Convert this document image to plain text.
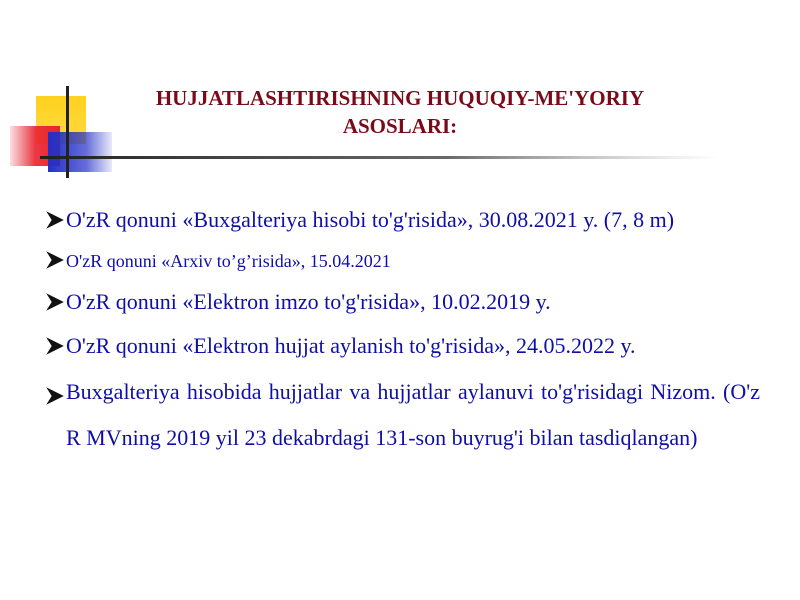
HUJJATLASHTIRISHNING HUQUQIY-ME'YORIY
ASOSLARI:
O'zR qonuni «Buxgalteriya hisobi to'g'risida», 30.08.2021 y. (7, 8 m)
O'zR qonuni «Arxiv to’g’risida», 15.04.2021
O'zR qonuni «Elektron imzo to'g'risida», 10.02.2019 y.
O'zR qonuni «Elektron hujjat aylanish to'g'risida», 24.05.2022 y.
Buxgalteriya hisobida hujjatlar va hujjatlar aylanuvi to'g'risidagi Nizom. (O'z R MVning 2019 yil 23 dekabrdagi 131-son buyrug'i bilan tasdiqlangan)
